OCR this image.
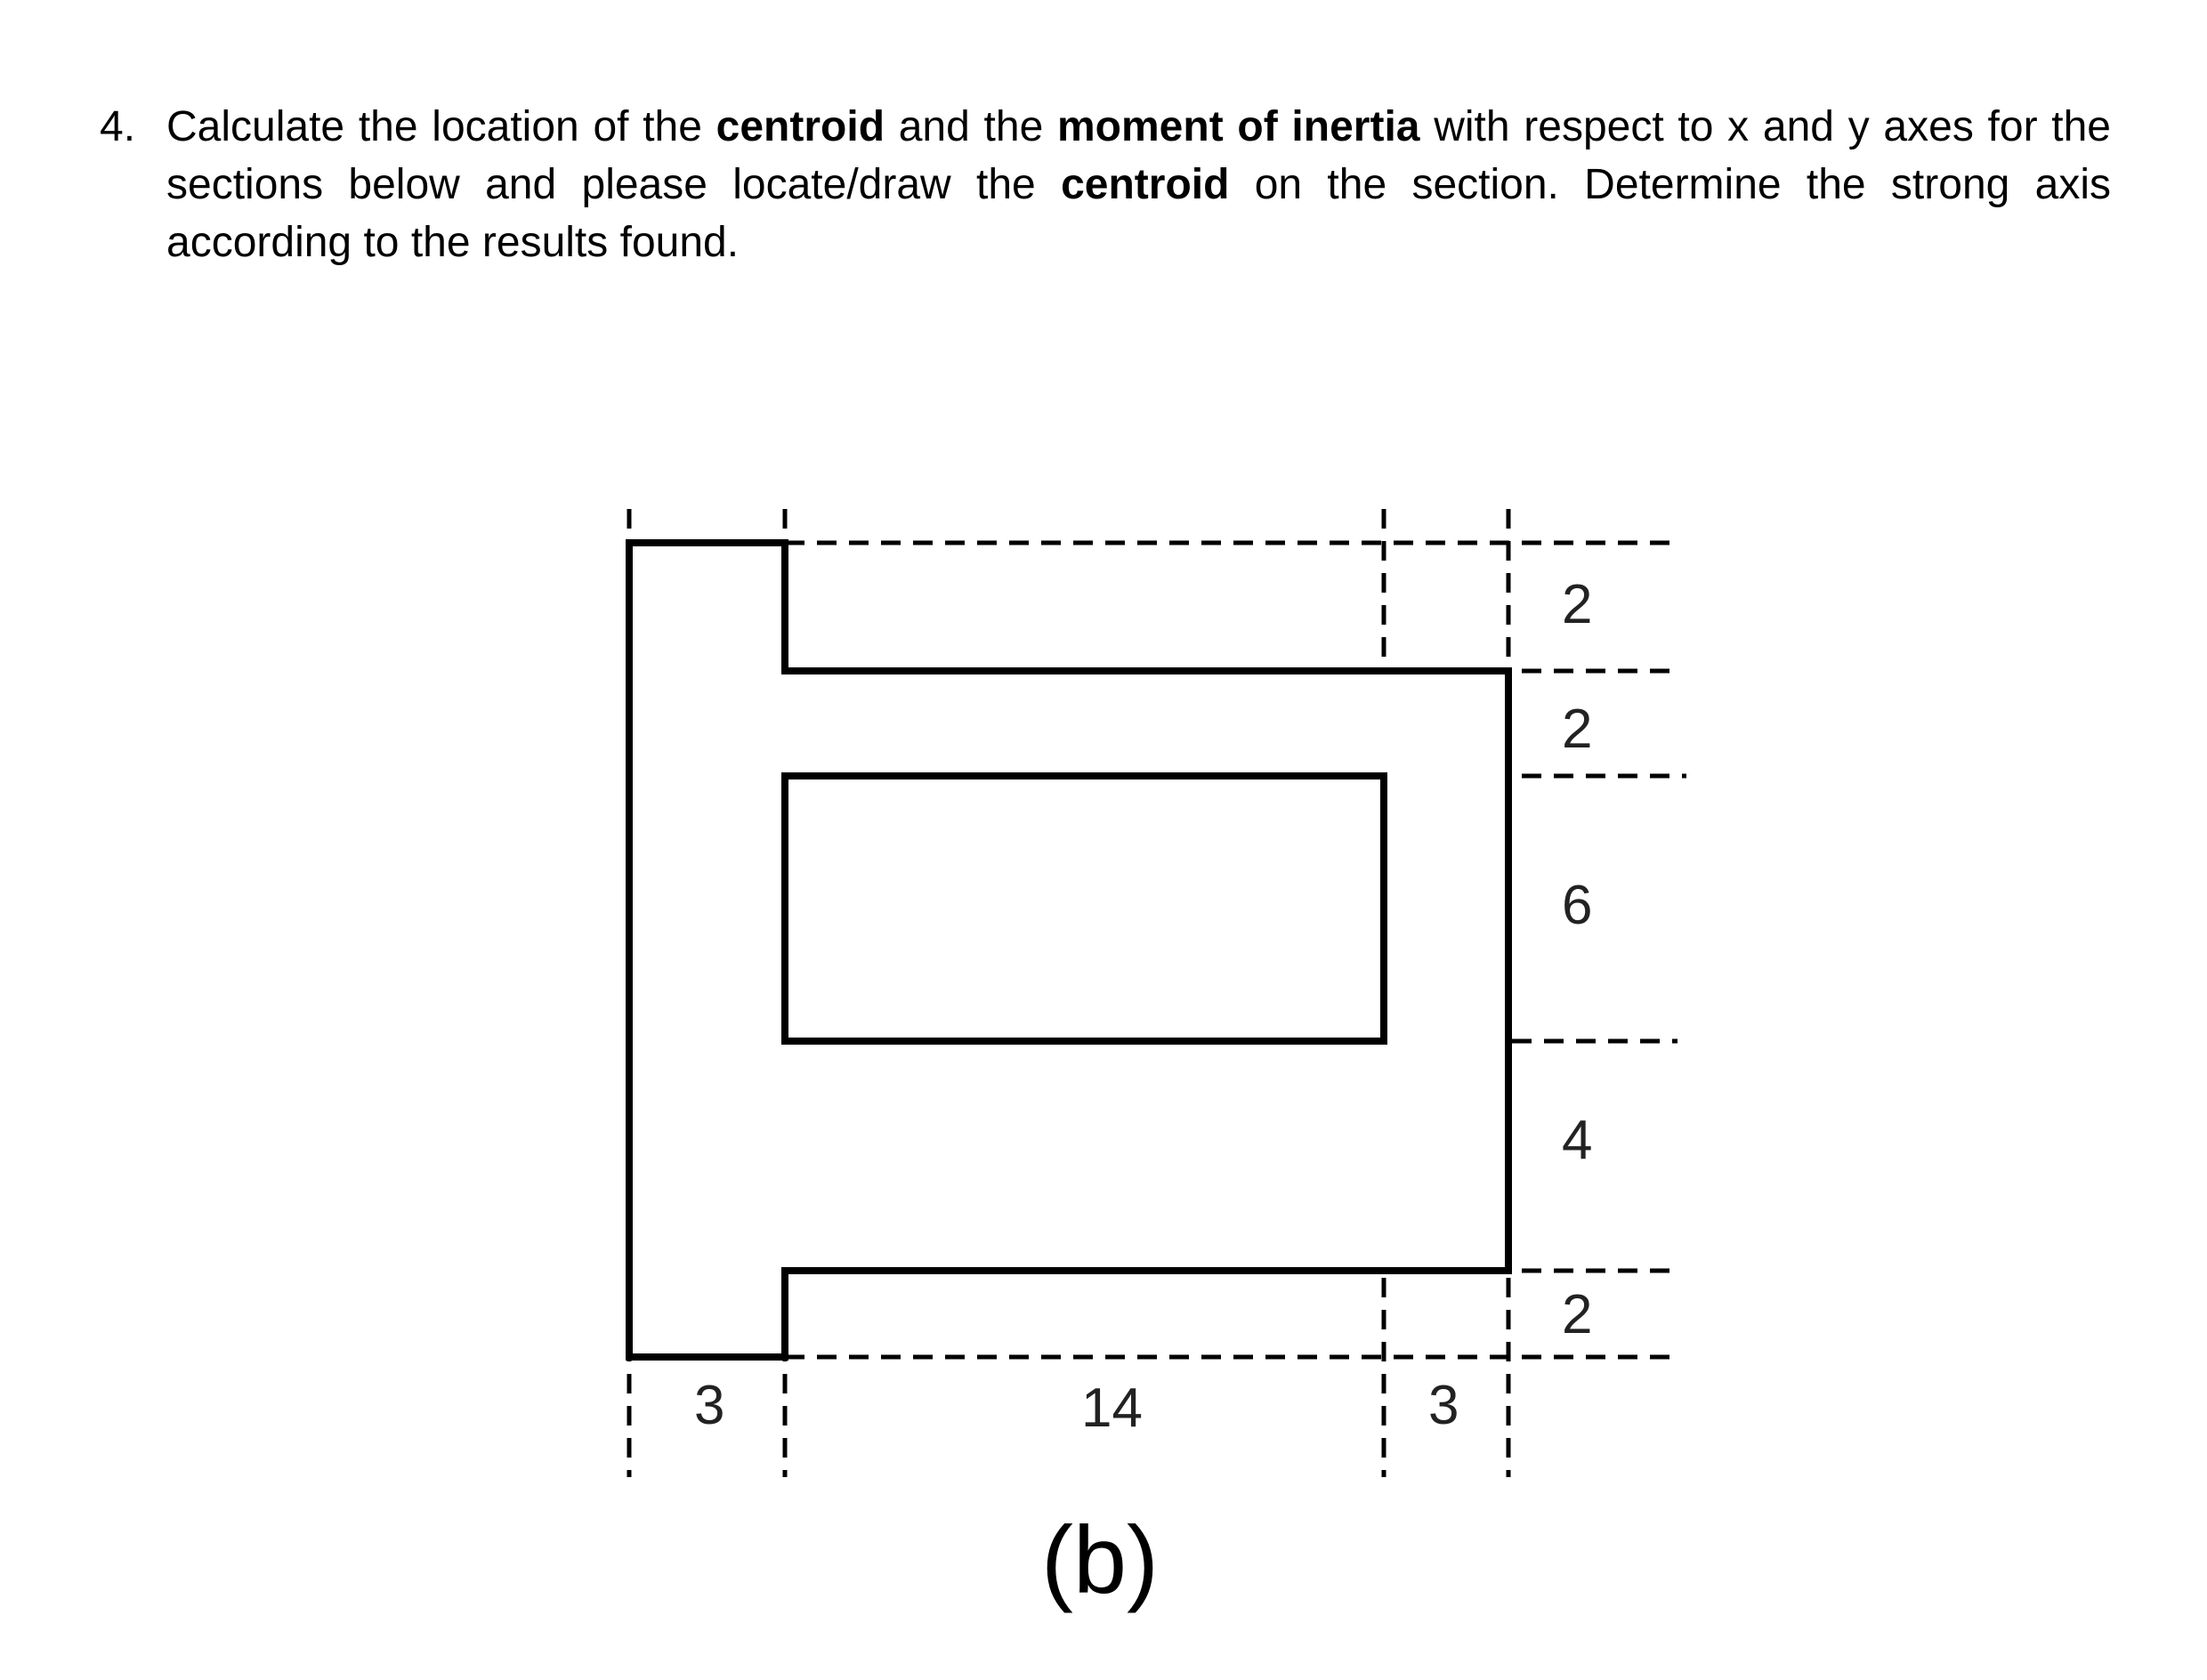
4. Calculate the location of the centroid and the moment of inertia with respect to x and y axes for the sections below and please locate/draw the centroid on the section. Determine the strong axis according to the results found.
3	14	3
2
2
6
4
2
(b)
